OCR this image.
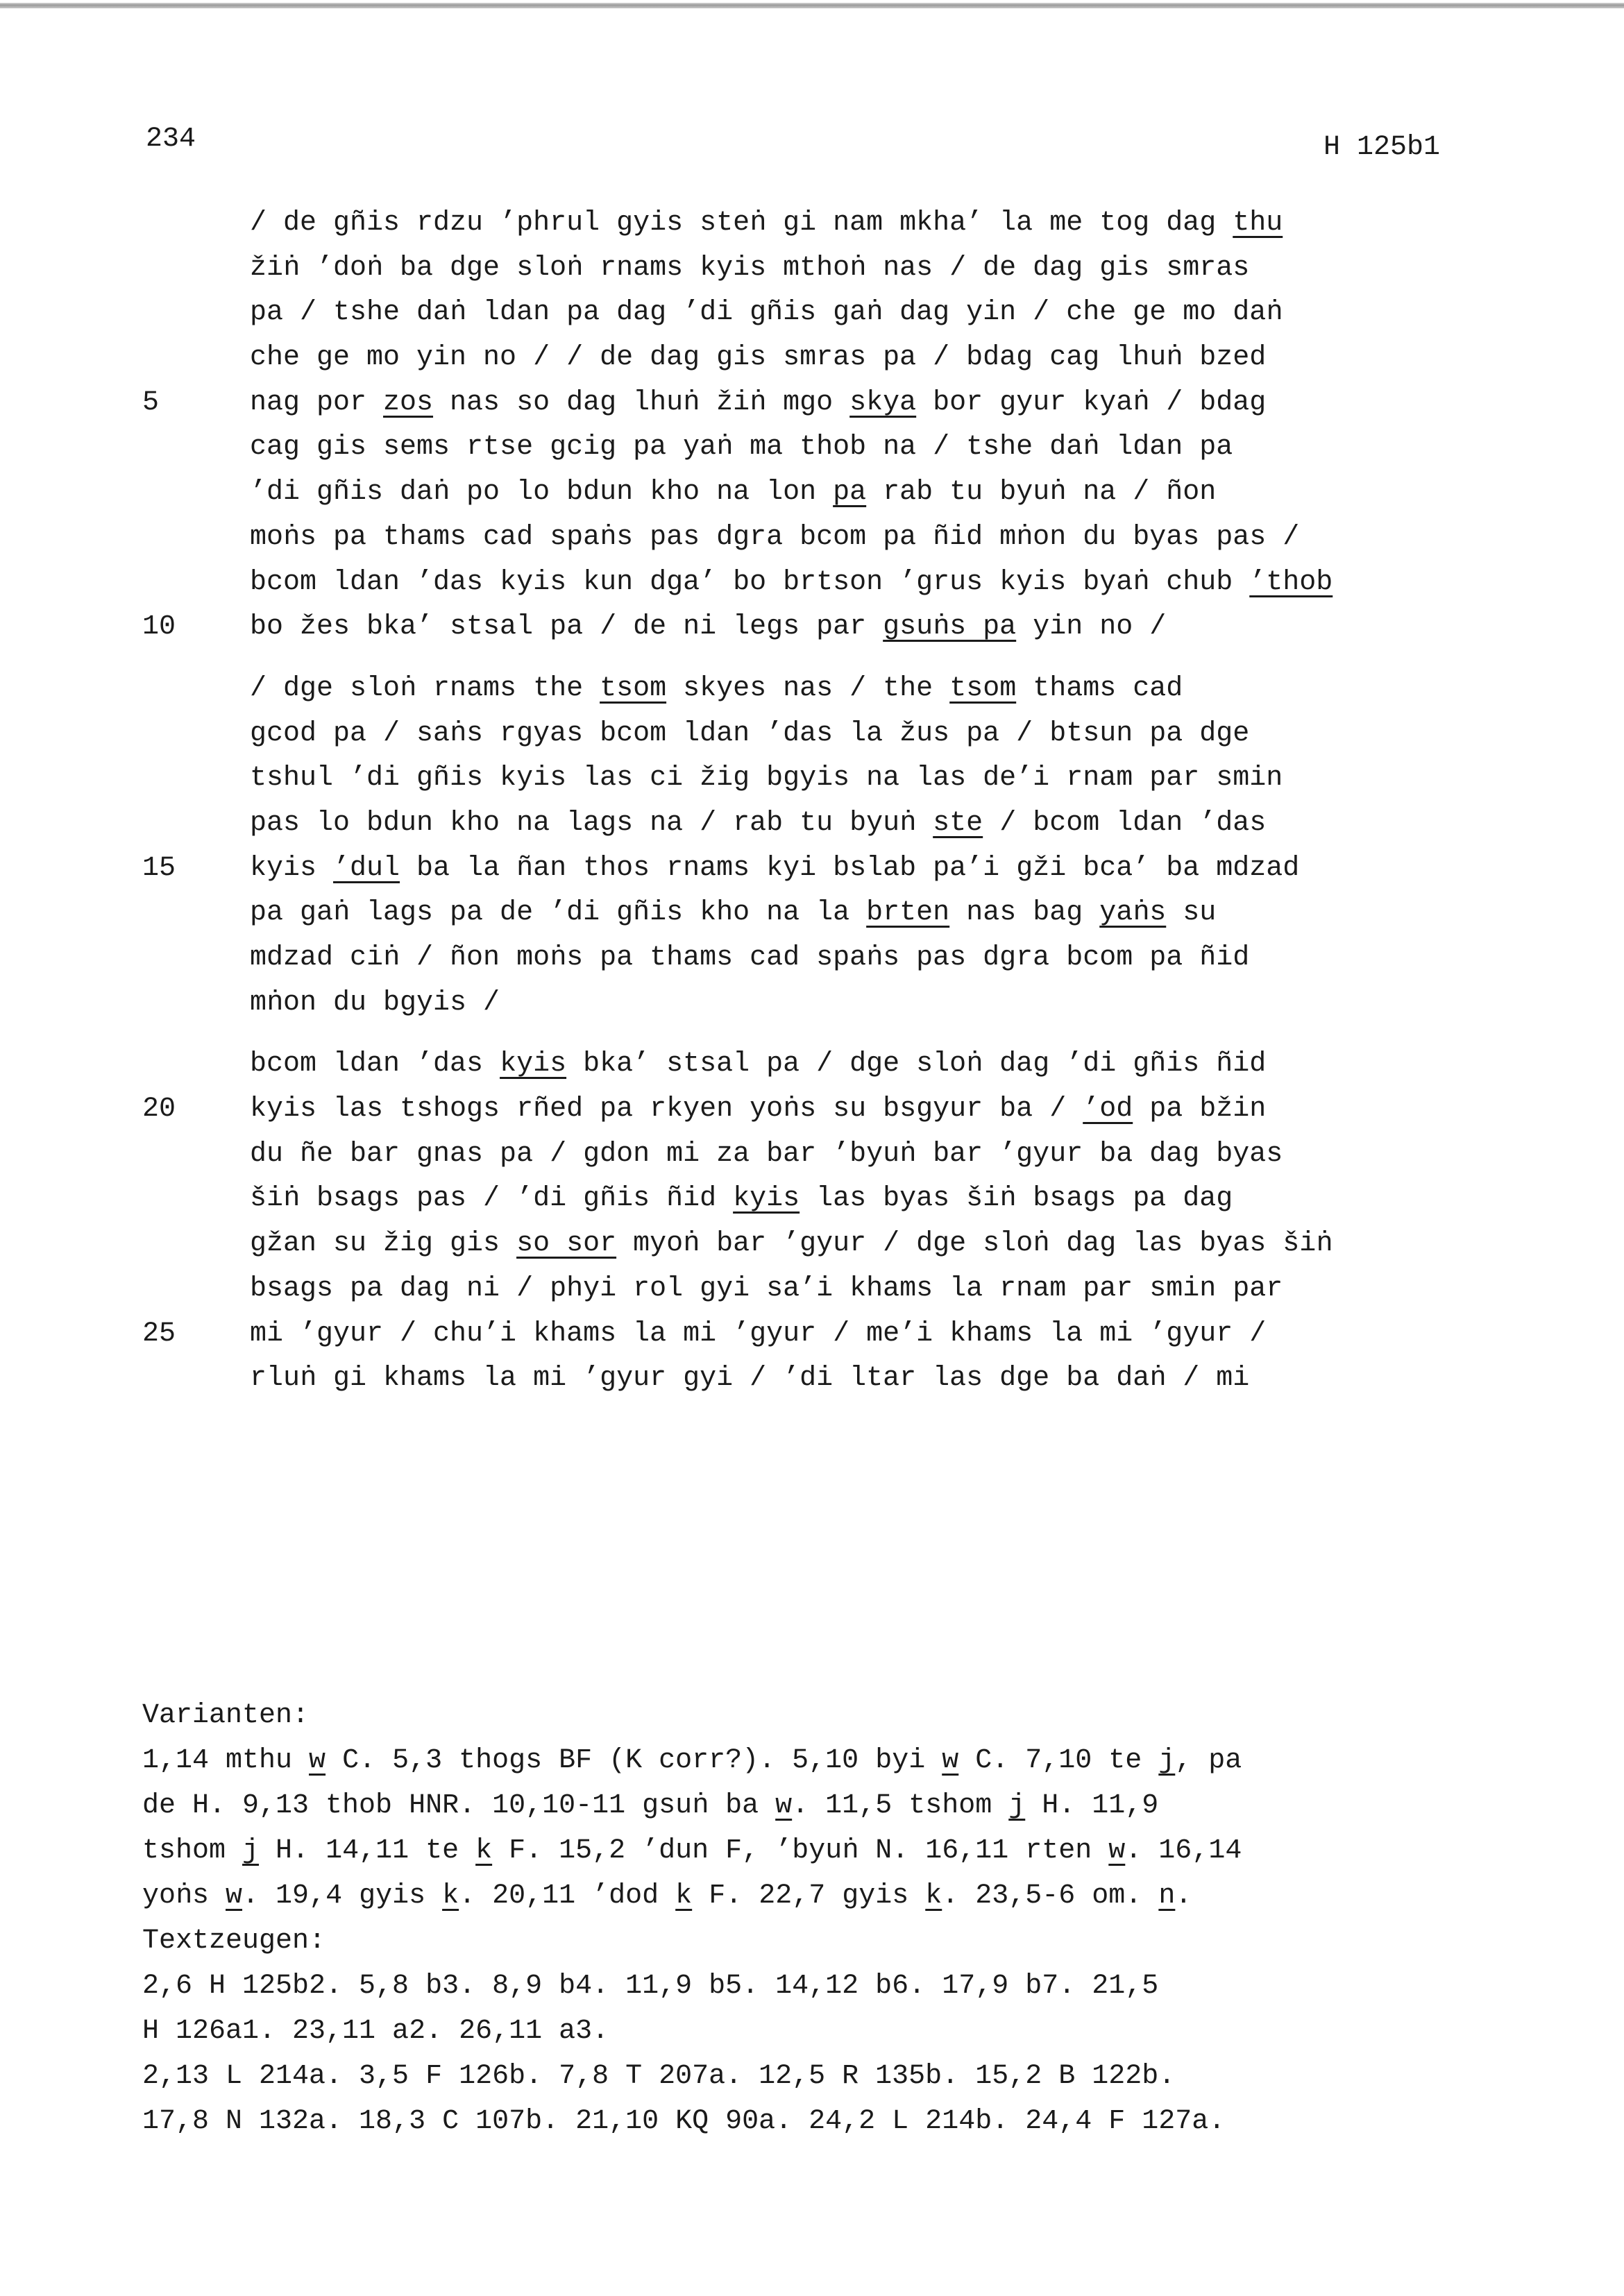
234	H 125b1
/ de gñis rdzu ’phrul gyis steṅ gi nam mkha’ la me tog dag thu
žiṅ ’doṅ ba dge sloṅ rnams kyis mthoṅ nas / de dag gis smras
pa / tshe daṅ ldan pa dag ’di gñis gaṅ dag yin / che ge mo daṅ
che ge mo yin no / / de dag gis smras pa / bdag cag lhuṅ bzed
5	nag por zos nas so dag lhuṅ žiṅ mgo skya bor gyur kyaṅ / bdag
cag gis sems rtse gcig pa yaṅ ma thob na / tshe daṅ ldan pa
’di gñis daṅ po lo bdun kho na lon pa rab tu byuṅ na / ñon
moṅs pa thams cad spaṅs pas dgra bcom pa ñid mṅon du byas pas /
bcom ldan ’das kyis kun dga’ bo brtson ’grus kyis byaṅ chub ’thob
10	bo žes bka’ stsal pa / de ni legs par gsuṅs pa yin no /
/ dge sloṅ rnams the tsom skyes nas / the tsom thams cad
gcod pa / saṅs rgyas bcom ldan ’das la žus pa / btsun pa dge
tshul ’di gñis kyis las ci žig bgyis na las de’i rnam par smin
pas lo bdun kho na lags na / rab tu byuṅ ste / bcom ldan ’das
15	kyis ’dul ba la ñan thos rnams kyi bslab pa’i gži bca’ ba mdzad
pa gaṅ lags pa de ’di gñis kho na la brten nas bag yaṅs su
mdzad ciṅ / ñon moṅs pa thams cad spaṅs pas dgra bcom pa ñid
mṅon du bgyis /
bcom ldan ’das kyis bka’ stsal pa / dge sloṅ dag ’di gñis ñid
20	kyis las tshogs rñed pa rkyen yoṅs su bsgyur ba / ’od pa bžin
du ñe bar gnas pa / gdon mi za bar ’byuṅ bar ’gyur ba dag byas
šiṅ bsags pas / ’di gñis ñid kyis las byas šiṅ bsags pa dag
gžan su žig gis so sor myoṅ bar ’gyur / dge sloṅ dag las byas šiṅ
bsags pa dag ni / phyi rol gyi sa’i khams la rnam par smin par
25	mi ’gyur / chu’i khams la mi ’gyur / me’i khams la mi ’gyur /
rluṅ gi khams la mi ’gyur gyi / ’di ltar las dge ba daṅ / mi
Varianten:
1,14 mthu w C. 5,3 thogs BF (K corr?). 5,10 byi w C. 7,10 te j, pa
de H. 9,13 thob HNR. 10,10-11 gsuṅ ba w. 11,5 tshom j H. 11,9
tshom j H. 14,11 te k F. 15,2 ’dun F, ’byuṅ N. 16,11 rten w. 16,14
yoṅs w. 19,4 gyis k. 20,11 ’dod k F. 22,7 gyis k. 23,5-6 om. n.
Textzeugen:
2,6 H 125b2. 5,8 b3. 8,9 b4. 11,9 b5. 14,12 b6. 17,9 b7. 21,5
H 126a1. 23,11 a2. 26,11 a3.
2,13 L 214a. 3,5 F 126b. 7,8 T 207a. 12,5 R 135b. 15,2 B 122b.
17,8 N 132a. 18,3 C 107b. 21,10 KQ 90a. 24,2 L 214b. 24,4 F 127a.
